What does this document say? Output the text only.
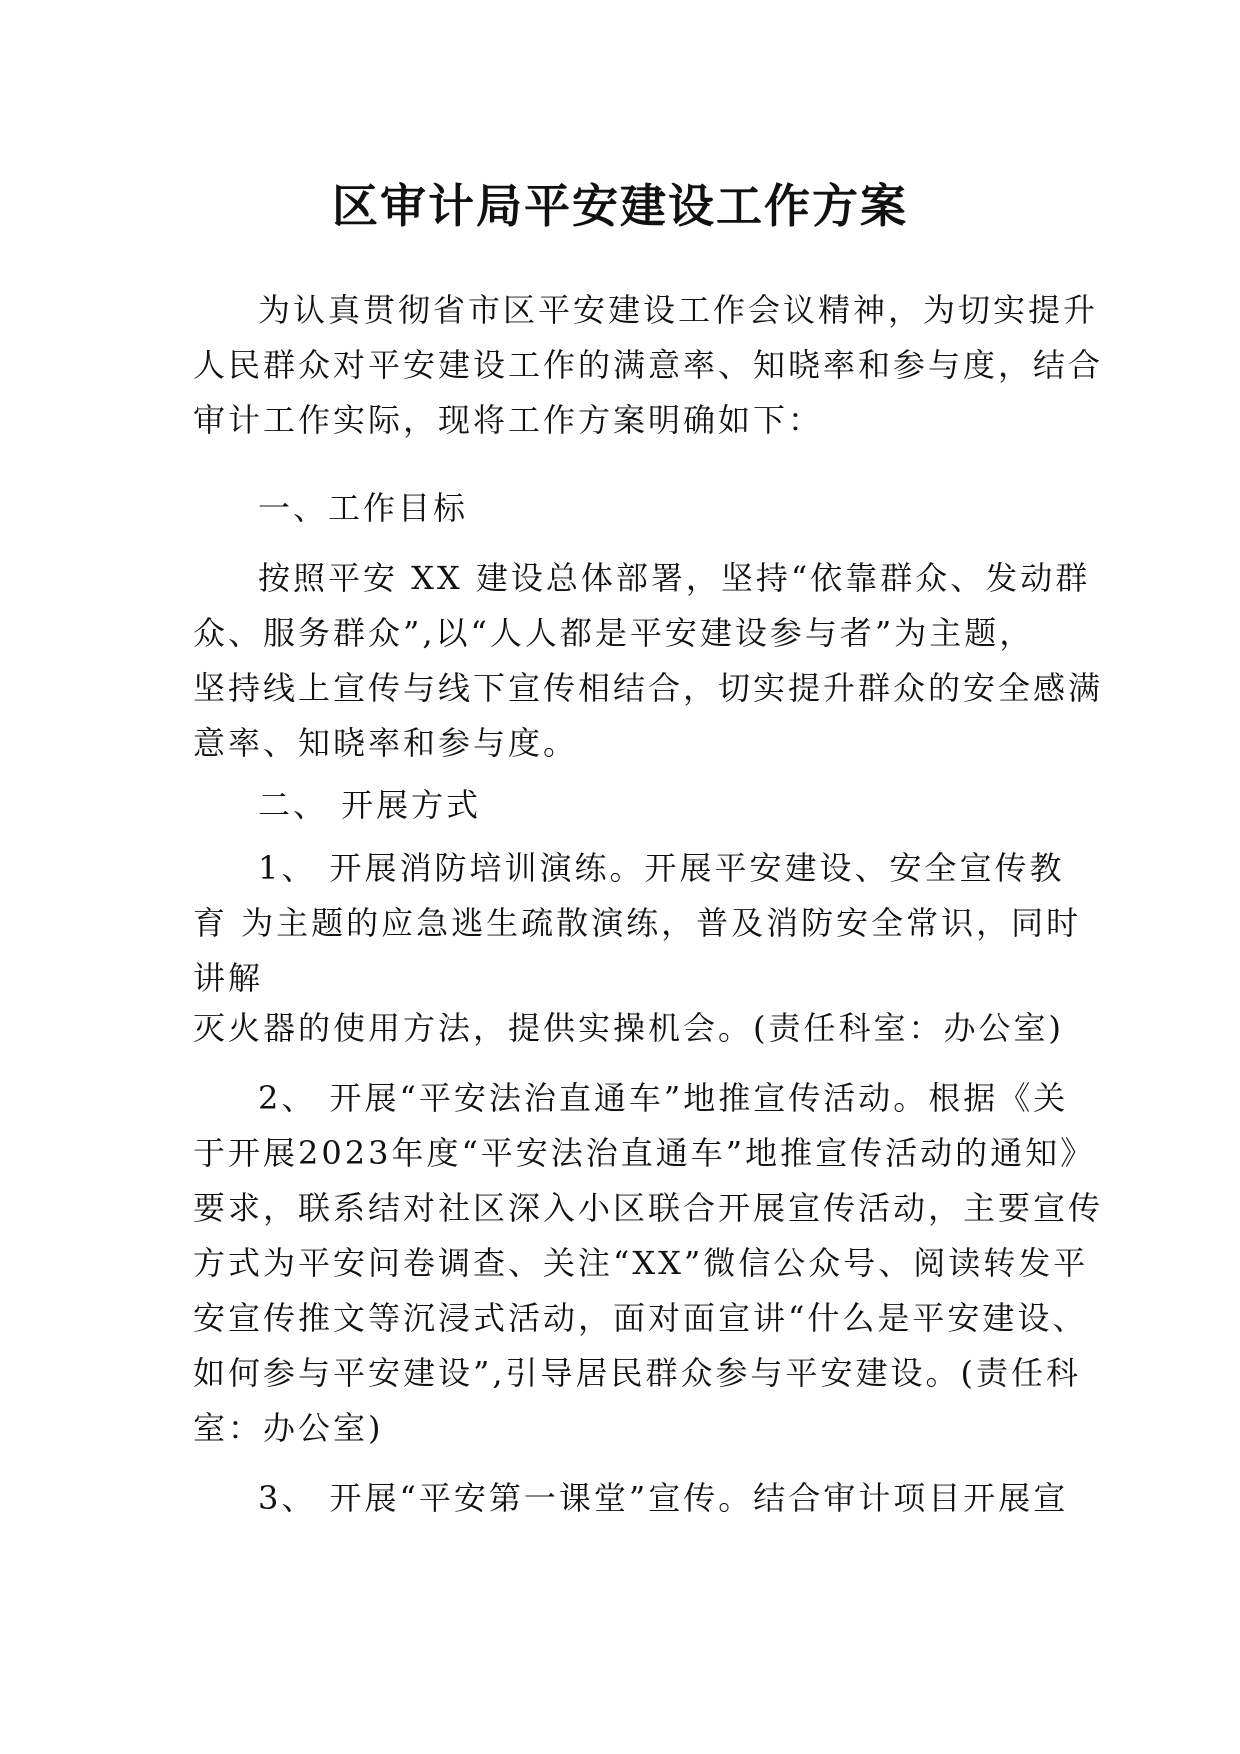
区审计局平安建设工作方案
为认真贯彻省市区平安建设工作会议精神，为切实提升
人民群众对平安建设工作的满意率、知晓率和参与度，结合
审计工作实际，现将工作方案明确如下：
一、工作目标
按照平安 XX 建设总体部署，坚持“依靠群众、发动群
众、服务群众”,以“人人都是平安建设参与者”为主题，
坚持线上宣传与线下宣传相结合，切实提升群众的安全感满
意率、知晓率和参与度。
二、 开展方式
1、 开展消防培训演练。开展平安建设、安全宣传教
育 为主题的应急逃生疏散演练，普及消防安全常识，同时
讲解
灭火器的使用方法，提供实操机会。(责任科室：办公室)
2、 开展“平安法治直通车”地推宣传活动。根据《关
于开展2023年度“平安法治直通车”地推宣传活动的通知》
要求，联系结对社区深入小区联合开展宣传活动，主要宣传
方式为平安问卷调查、关注“XX”微信公众号、阅读转发平
安宣传推文等沉浸式活动，面对面宣讲“什么是平安建设、
如何参与平安建设”,引导居民群众参与平安建设。(责任科
室：办公室)
3、 开展“平安第一课堂”宣传。结合审计项目开展宣
